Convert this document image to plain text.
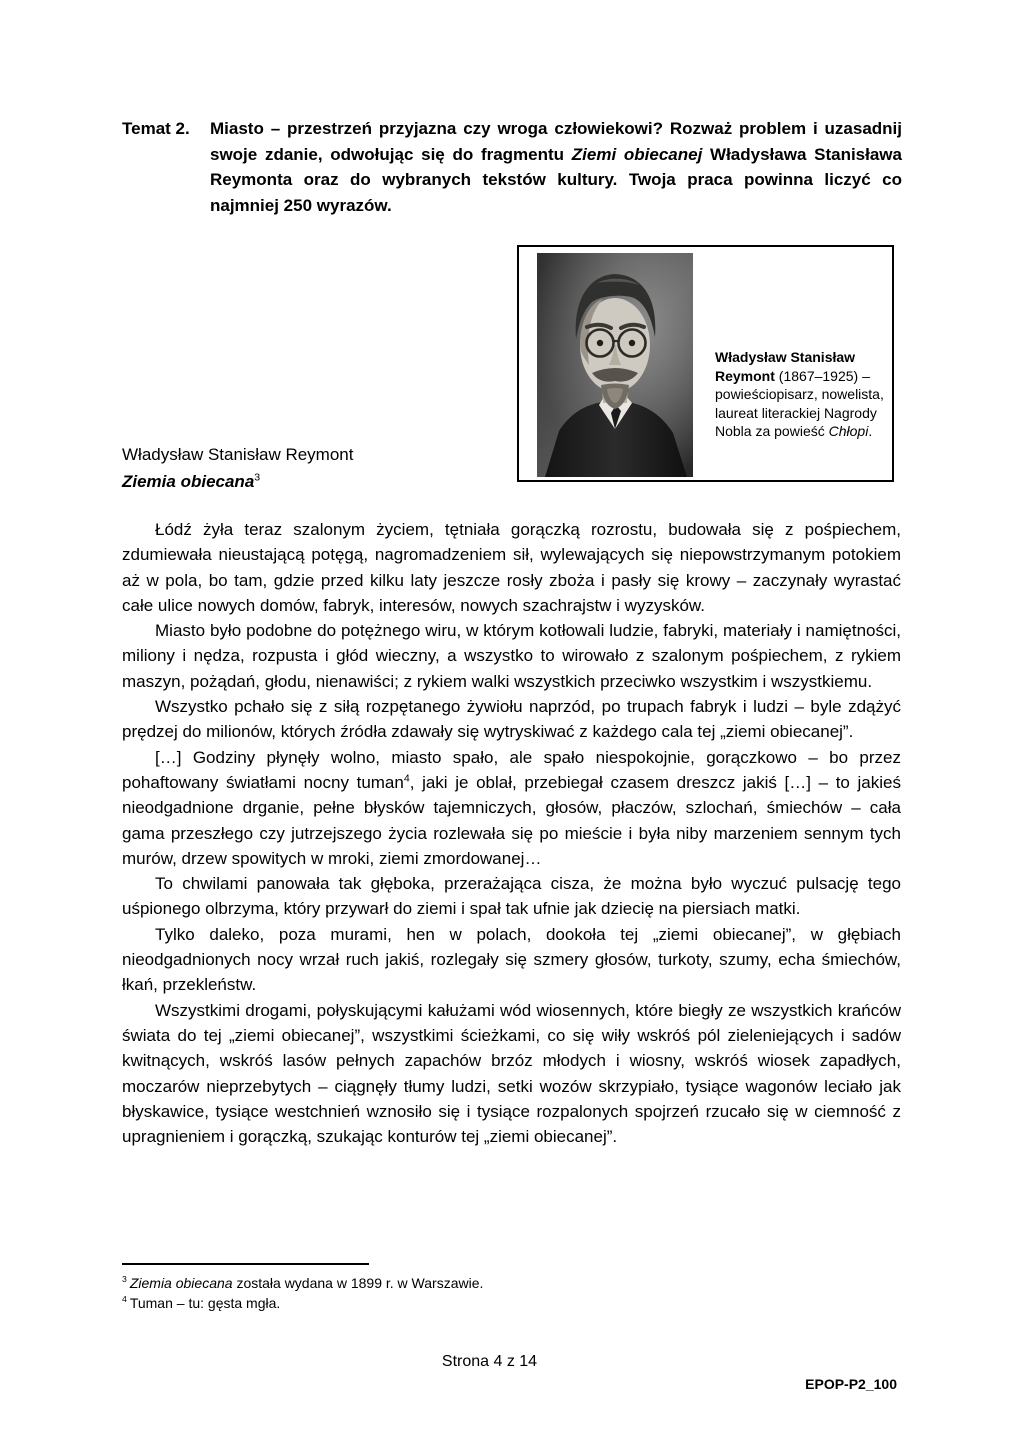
Temat 2.	Miasto – przestrzeń przyjazna czy wroga człowiekowi? Rozważ problem i uzasadnij swoje zdanie, odwołując się do fragmentu Ziemi obiecanej Władysława Stanisława Reymonta oraz do wybranych tekstów kultury. Twoja praca powinna liczyć co najmniej 250 wyrazów.
Władysław Stanisław Reymont (1867–1925) – powieściopisarz, nowelista, laureat literackiej Nagrody Nobla za powieść Chłopi.
Władysław Stanisław Reymont
Ziemia obiecana$^3$

Łódź żyła teraz szalonym życiem, tętniała gorączką rozrostu, budowała się z pośpiechem, zdumiewała nieustającą potęgą, nagromadzeniem sił, wylewających się niepowstrzymanym potokiem aż w pola, bo tam, gdzie przed kilku laty jeszcze rosły zboża i pasły się krowy – zaczynały wyrastać całe ulice nowych domów, fabryk, interesów, nowych szachrajstw i wyzysków.

Miasto było podobne do potężnego wiru, w którym kotłowali ludzie, fabryki, materiały i namiętności, miliony i nędza, rozpusta i głód wieczny, a wszystko to wirowało z szalonym pośpiechem, z rykiem maszyn, pożądań, głodu, nienawiści; z rykiem walki wszystkich przeciwko wszystkim i wszystkiemu.

Wszystko pchało się z siłą rozpętanego żywiołu naprzód, po trupach fabryk i ludzi – byle zdążyć prędzej do milionów, których źródła zdawały się wytryskiwać z każdego cala tej „ziemi obiecanej”.

[…] Godziny płynęły wolno, miasto spało, ale spało niespokojnie, gorączkowo – bo przez pohaftowany światłami nocny tuman$^4$, jaki je oblał, przebiegał czasem dreszcz jakiś […] – to jakieś nieodgadnione drganie, pełne błysków tajemniczych, głosów, płaczów, szlochań, śmiechów – cała gama przeszłego czy jutrzejszego życia rozlewała się po mieście i była niby marzeniem sennym tych murów, drzew spowitych w mroki, ziemi zmordowanej…

To chwilami panowała tak głęboka, przerażająca cisza, że można było wyczuć pulsację tego uśpionego olbrzyma, który przywarł do ziemi i spał tak ufnie jak dziecię na piersiach matki.

Tylko daleko, poza murami, hen w polach, dookoła tej „ziemi obiecanej”, w głębiach nieodgadnionych nocy wrzał ruch jakiś, rozlegały się szmery głosów, turkoty, szumy, echa śmiechów, łkań, przekleństw.

Wszystkimi drogami, połyskującymi kałużami wód wiosennych, które biegły ze wszystkich krańców świata do tej „ziemi obiecanej”, wszystkimi ścieżkami, co się wiły wskróś pól zieleniejących i sadów kwitnących, wskróś lasów pełnych zapachów brzóz młodych i wiosny, wskróś wiosek zapadłych, moczarów nieprzebytych – ciągnęły tłumy ludzi, setki wozów skrzypiało, tysiące wagonów leciało jak błyskawice, tysiące westchnień wznosiło się i tysiące rozpalonych spojrzeń rzucało się w ciemność z upragnieniem i gorączką, szukając konturów tej „ziemi obiecanej”.

$^3$ Ziemia obiecana została wydana w 1899 r. w Warszawie.

$^4$ Tuman – tu: gęsta mgła.

Strona 4 z 14
EPOP-P2_100
